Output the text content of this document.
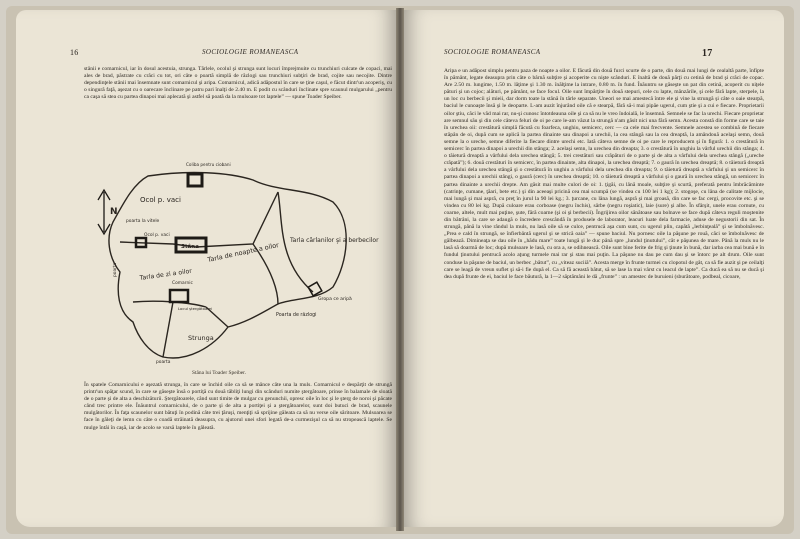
16	SOCIOLOGIE ROMANEASCA
stânii e comarnicul, iar în dosul acestuia, strunga. Tărlele, ocolul şi strunga sunt locuri împrejmuite cu trunchiuri culcate de copaci, mai ales de brad, păstrate cu crăci cu tot, ori câte o poartă simplă de răzlogi sau trunchiuri subţiri de brad, cojite sau necojite. Dintre dependinţele stânii mai însemnate sunt comarnicul şi aripa. Comarnicul, adică adăpostul în care se ţine caşul, e făcut dintr'un acoperiş, cu o singură faţă, aşezat cu o oarecare înclinare pe patru pari înalţi de 2.40 m. E podit cu scânduri înclinate spre scaunul mulgarului „pentru ca caşa să stea cu partea dinapoi mai aplecată şi astfel să poată da la mulsoare tot laptele” — spune Toader Speiber.
N
Coliba pentru ciobani
Ocol p. vaci
poarta la vitele
Ocol p. vaci
Stâna Tarla de noapte a oilor
Tarla cărlanilor şi a berbecilor
Tarla de zi a oilor
Comarnic
Locul ştergătoarei
poarta
Gropa ce aripă
Poarta de răzlogi
Strunga
poarta
Stâna lui Toader Speiber.
În spatele Comarnicului e aşezată strunga, în care se închid oile ca să se mânce câte una la muls. Comarnicul e despărţit de strungă printr'un spăţar scund, în care se găseşte însă o portiţă cu două tăbliţi lungi din scânduri numite ştergătoare, prinse în balamale de sloată de o parte şi de alta a deschizăturii. Ştergătoarele, când sunt timite de mulgar cu genunchii, opresc oile în loc şi le şterg de noroi şi păcate când trec printre ele. Înăuntrul comarnicului, de o parte şi de alta a portiţei şi a ştergătoarelor, sunt doi butuci de brad, scaunele mulgătorilor. În faţa scaunelor sunt bătuţi în podină câte trei ţăruşi, menţiţi să sprijine găleata ca să nu verse oile săritoare. Mulsoarea se face în găleţi de lemn cu câte o coadă străinată deasupra, cu ajutorul unei sfori legată de-a curmezişul ca să nu stropească laptele. Se mulge întâi în caşă, iar de acolo se varsă laptele în găleată.
SOCIOLOGIE ROMANEASCA	17
Aripa e un adăpost simplu pentru paza de noapte a oilor. E făcută din două furci scurte de o parte, din două mai lungi de cealaltă parte, înfipte în pământ, legate deasupra prin câte o bârnă subţire şi acoperite cu nişte scânduri. E înaltă de două părţi cu cetină de brad şi crăci de copac. Are 2.50 m. lungime, 1.50 m. lăţime şi 1.30 m. înălţime la intrare, 0.80 m. în fund. Înăuntru se găseşte un pat din cetină, acoperit cu niţele pături şi un cojoc; alături, pe pământ, se face focul. Oile sunt împărţite în două stepuri, cele cu lapte, mânzările, şi cele fără lapte, sterpele, la un loc cu berbecii şi mieii, dar dorm toate la stână în tărle separate. Uneori se mai amestecă între ele şi vine la strungă şi câte o oaie stearpă, baciul le cunoaşte însă şi le deoparte. L-am auzit înjurând oile că e stearpă, fără să-i mai pipăe ugerul, cum ştie şi a cui e fiecare. Proprietarii oilor ştiu, căci le văd mai rar, nu-şi cunosc întotdeauna oile şi ca să nu le vreo îndoială, le însemnă. Semnele se fac la urechi. Fiecare proprietar are semnul său şi din cele câteva feluri de oi pe care le-am văzut la strungă n'am găsit nici una fără semn. Acesta constă din forme care se taie în urechea oii: crestătură simplă făcută cu foarfeca, unghiu, semicerc, cerc — ca cele mai frecvente. Semnele acestea se combină de fiecare stăpân de oi, după cum se aplică la partea dinainte sau dinapoi a urechii, la cea stângă sau la cea dreaptă, la amândouă acelaşi semn, două semne la o ureche, semne diferite la fiecare dintre urechi etc. Iată câteva semne de oi pe care le reproducem şi în figură: 1. o crestătură în semicerc în partea dinapoi a urechii din stânga; 2. acelaşi semn, la urechea din dreapta; 3. o crestătură în unghiu la vârful urechii din stânga; 4. o tăietură dreaptă a vârfului dela urechea stângă; 5. trei crestături sau crăpături de o parte şi de alta a vârfului dela urechea stângă („ureche crăpată”); 6. două crestături în semicerc, în partea dinainte, alta dinapoi, la urechea dreaptă; 7. o gaură în urechea dreaptă; 8. o tăietură dreaptă a vârfului dela urechea stângă şi o crestătură în unghiu a vârfului dela urechea din dreapta; 9. o tăietură dreaptă a vârfului şi un semicerc în partea dinapoi a urechii stângi, o gaură (cerc) în urechea dreaptă; 10. o tăietură dreaptă a vârfului şi o gaură în urechea stângă, un semicerc în partea dinainte a urechii drepte. Am găsit mai multe culori de oi: 1. ţigăi, cu lână moale, subţire şi scurtă, preferată pentru îmbrăcăminte (catrinţe, cumane, ţăari, bete etc.) şi din aceeaşi pricină cea mai scumpă (se vindea cu 100 lei 1 kg); 2. stogoşe, cu lâna de calitate mijlocie, mai lungă şi mai aspră, cu preţ în jurul la 90 lei kg.; 3. ţurcane, cu lâna lungă, aspră şi mai groasă, din care se fac cergi, procovite etc. şi se vindea cu 80 lei kg. După culoare erau corboase (negru închis), sârbe (negru roşiatic), laie (sure) şi albe. În sfârşit, unele erau cornute, cu coarne, altele, mult mai puţine, şute, fără coarne (şi oi şi berbecii). Îngrijirea oilor sănătoase sau bolnave se face după câteva reguli moştenite din bătrâni, la care se adaugă o încredere crescândă în produsele de laborator, leacuri luate dela farmacie, aduse de negustorii din sat. În strungă, până la vine rândul la muls, nu lasă oile să se culce, pentrucă aşa cum sunt, cu ugerul plin, capătă „lerbinţeală” şi se îmbolnăvesc. „Prea e cald în strungă, se înfierbântă ugerul şi se strică oaia” — spune baciul. Nu pornesc oile la păşune pe rouă, căci se îmbolnăvesc de gălbează. Dimineaţa se dau oile în „hădu mare” toate lungă şi le duc până spre „lundul ţinutului”, căt e păşunea de mare. Până la muls nu le lasă să doarmă de loc; după mulsoare le lasă, cu ora a, se odihnească. Oile sunt bine ferite de frig şi ţinute în bună, dar iarba cea mai bună e în fundul ţinutului pentrucă acolo aţung turmele mai rar şi stau mai puţin. La păşune nu dau pe cum dau şi se întorc pe alt drum. Oile sunt conduse la păşune de baciul, un berbec „bătut”, cu „viteaz suciiă”. Acesta merge în frunte turmei cu clopotul de gât, ca să fie auzit şi pe ceilalţi care se leagă de vreun suflet şi să-i fie după el. Ca să fă această bătut, să se lase la mai vârst cu leacul de lapte”. Ca ducă ea să nu se ducă şi dea după frunte de ei, baciul le face băutură, la 1—2 săptămâni le dă „frunte” : un amestec de buruieni (sburătoare, podbeal, cicoare,
